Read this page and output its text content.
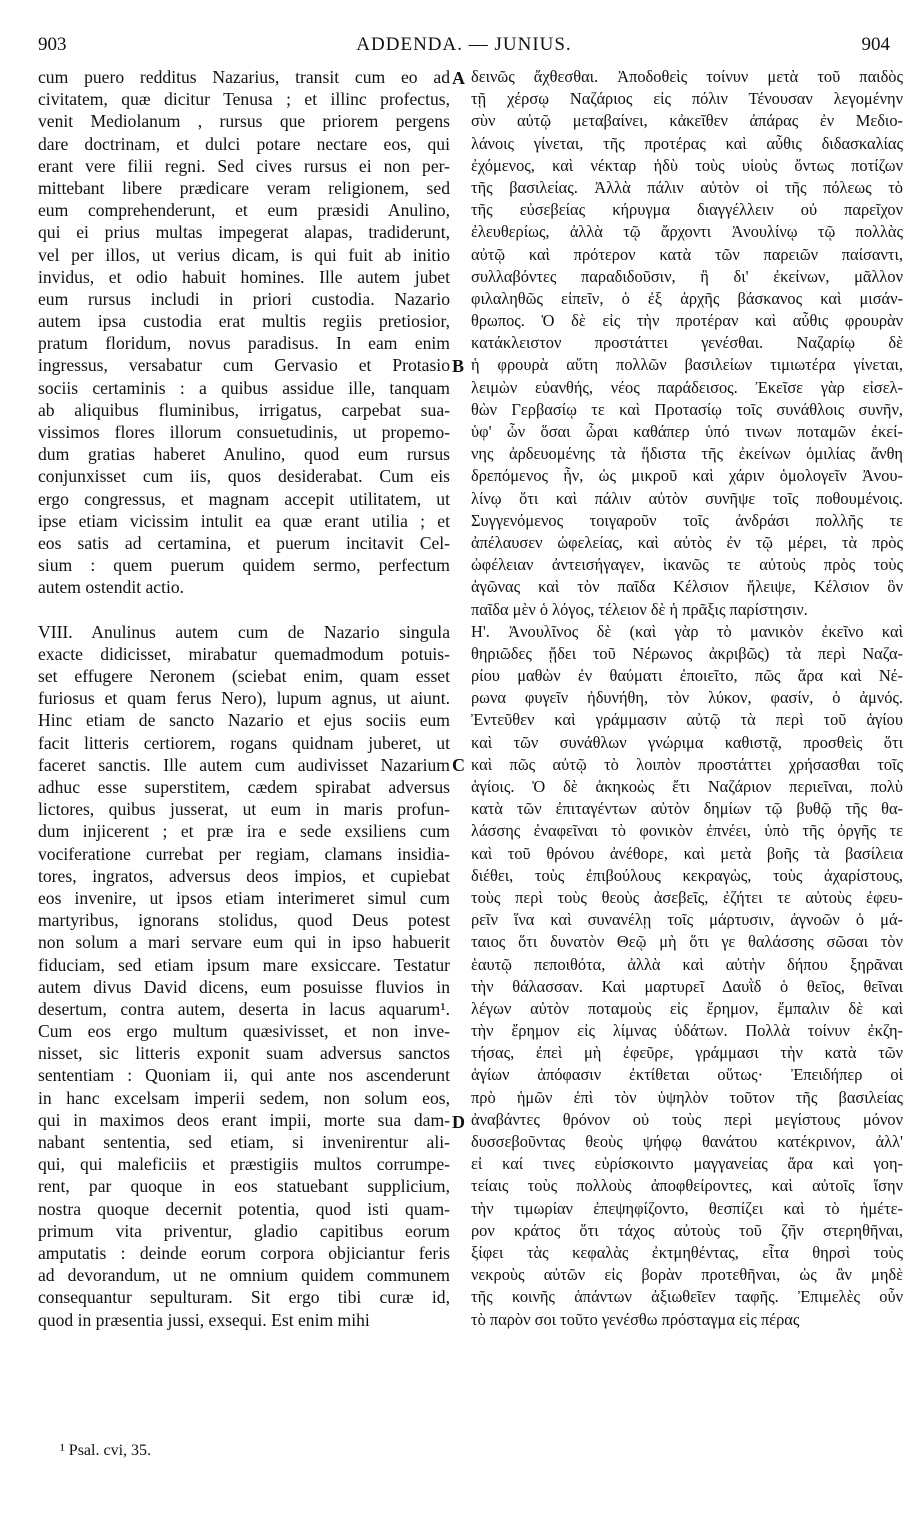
903	ADDENDA. — JUNIUS.	904
cum puero redditus Nazarius, transit cum eo ad
civitatem, quæ dicitur Tenusa ; et illinc profectus,
venit Mediolanum , rursus que priorem pergens
dare doctrinam, et dulci potare nectare eos, qui
erant vere filii regni. Sed cives rursus ei non per-
mittebant libere prædicare veram religionem, sed
eum comprehenderunt, et eum præsidi Anulino,
qui ei prius multas impegerat alapas, tradiderunt,
vel per illos, ut verius dicam, is qui fuit ab initio
invidus, et odio habuit homines. Ille autem jubet
eum rursus includi in priori custodia. Nazario
autem ipsa custodia erat multis regiis pretiosior,
pratum floridum, novus paradisus. In eam enim
ingressus, versabatur cum Gervasio et Protasio
sociis certaminis : a quibus assidue ille, tanquam
ab aliquibus fluminibus, irrigatus, carpebat sua-
vissimos flores illorum consuetudinis, ut propemo-
dum gratias haberet Anulino, quod eum rursus
conjunxisset cum iis, quos desiderabat. Cum eis
ergo congressus, et magnam accepit utilitatem, ut
ipse etiam vicissim intulit ea quæ erant utilia ; et
eos satis ad certamina, et puerum incitavit Cel-
sium : quem puerum quidem sermo, perfectum
autem ostendit actio.
VIII. Anulinus autem cum de Nazario singula
exacte didicisset, mirabatur quemadmodum potuis-
set effugere Neronem (sciebat enim, quam esset
furiosus et quam ferus Nero), lupum agnus, ut aiunt.
Hinc etiam de sancto Nazario et ejus sociis eum
facit litteris certiorem, rogans quidnam juberet, ut
faceret sanctis. Ille autem cum audivisset Nazarium
adhuc esse superstitem, cædem spirabat adversus
lictores, quibus jusserat, ut eum in maris profun-
dum injicerent ; et præ ira e sede exsiliens cum
vociferatione currebat per regiam, clamans insidia-
tores, ingratos, adversus deos impios, et cupiebat
eos invenire, ut ipsos etiam interimeret simul cum
martyribus, ignorans stolidus, quod Deus potest
non solum a mari servare eum qui in ipso habuerit
fiduciam, sed etiam ipsum mare exsiccare. Testatur
autem divus David dicens, eum posuisse fluvios in
desertum, contra autem, deserta in lacus aquarum¹.
Cum eos ergo multum quæsivisset, et non inve-
nisset, sic litteris exponit suam adversus sanctos
sententiam : Quoniam ii, qui ante nos ascenderunt
in hanc excelsam imperii sedem, non solum eos,
qui in maximos deos erant impii, morte sua dam-
nabant sententia, sed etiam, si invenirentur ali-
qui, qui maleficiis et præstigiis multos corrumpe-
rent, par quoque in eos statuebant supplicium,
nostra quoque decernit potentia, quod isti quam-
primum vita priventur, gladio capitibus eorum
amputatis : deinde eorum corpora objiciantur feris
ad devorandum, ut ne omnium quidem communem
consequantur sepulturam. Sit ergo tibi curæ id,
quod in præsentia jussi, exsequi. Est enim mihi
δεινῶς ἄχθεσθαι. Ἀποδοθεὶς τοίνυν μετὰ τοῦ παιδὸς
τῇ χέρσῳ Ναζάριος εἰς πόλιν Τένουσαν λεγομένην
σὺν αὐτῷ μεταβαίνει, κἀκεῖθεν ἀπάρας ἐν Μεδιο-
λάνοις γίνεται, τῆς προτέρας καὶ αὖθις διδασκαλίας
ἐχόμενος, καὶ νέκταρ ἡδὺ τοὺς υἱοὺς ὄντως ποτίζων
τῆς βασιλείας. Ἀλλὰ πάλιν αὐτὸν οἱ τῆς πόλεως τὸ
τῆς εὐσεβείας κήρυγμα διαγγέλλειν οὐ παρεῖχον
ἐλευθερίως, ἀλλὰ τῷ ἄρχοντι Ἀνουλίνῳ τῷ πολλὰς
αὐτῷ καὶ πρότερον κατὰ τῶν παρειῶν παίσαντι,
συλλαβόντες παραδιδοῦσιν, ἢ δι' ἐκείνων, μᾶλλον
φιλαληθῶς εἰπεῖν, ὁ ἐξ ἀρχῆς βάσκανος καὶ μισάν-
θρωπος. Ὁ δὲ εἰς τὴν προτέραν καὶ αὖθις φρουρὰν
κατάκλειστον προστάττει γενέσθαι. Ναζαρίῳ δὲ
ἡ φρουρὰ αὕτη πολλῶν βασιλείων τιμιωτέρα γίνεται,
λειμὼν εὐανθής, νέος παράδεισος. Ἐκεῖσε γὰρ εἰσελ-
θὼν Γερβασίῳ τε καὶ Προτασίῳ τοῖς συνάθλοις συνῆν,
ὑφ' ὧν ὅσαι ὧραι καθάπερ ὑπό τινων ποταμῶν ἐκεί-
νης ἀρδευομένης τὰ ἥδιστα τῆς ἐκείνων ὁμιλίας ἄνθη
δρεπόμενος ἦν, ὡς μικροῦ καὶ χάριν ὁμολογεῖν Ἀνου-
λίνῳ ὅτι καὶ πάλιν αὐτὸν συνῆψε τοῖς ποθουμένοις.
Συγγενόμενος τοιγαροῦν τοῖς ἀνδράσι πολλῆς τε
ἀπέλαυσεν ὠφελείας, καὶ αὐτὸς ἐν τῷ μέρει, τὰ πρὸς
ὠφέλειαν ἀντεισήγαγεν, ἱκανῶς τε αὐτοὺς πρὸς τοὺς
ἀγῶνας καὶ τὸν παῖδα Κέλσιον ἤλειψε, Κέλσιον ὃν
παῖδα μὲν ὁ λόγος, τέλειον δὲ ἡ πρᾶξις παρίστησιν.
Η'. Ἀνουλῖνος δὲ (καὶ γὰρ τὸ μανικὸν ἐκεῖνο καὶ
θηριῶδες ᾔδει τοῦ Νέρωνος ἀκριβῶς) τὰ περὶ Ναζα-
ρίου μαθὼν ἐν θαύματι ἐποιεῖτο, πῶς ἄρα καὶ Νέ-
ρωνα φυγεῖν ἠδυνήθη, τὸν λύκον, φασίν, ὁ ἀμνός.
Ἐντεῦθεν καὶ γράμμασιν αὐτῷ τὰ περὶ τοῦ ἁγίου
καὶ τῶν συνάθλων γνώριμα καθιστᾷ, προσθεὶς ὅτι
καὶ πῶς αὐτῷ τὸ λοιπὸν προστάττει χρήσασθαι τοῖς
ἁγίοις. Ὁ δὲ ἀκηκοὼς ἔτι Ναζάριον περιεῖναι, πολὺ
κατὰ τῶν ἐπιταγέντων αὐτὸν δημίων τῷ βυθῷ τῆς θα-
λάσσης ἐναφεῖναι τὸ φονικὸν ἐπνέει, ὑπὸ τῆς ὀργῆς τε
καὶ τοῦ θρόνου ἀνέθορε, καὶ μετὰ βοῆς τὰ βασίλεια
διέθει, τοὺς ἐπιβούλους κεκραγὼς, τοὺς ἀχαρίστους,
τοὺς περὶ τοὺς θεοὺς ἀσεβεῖς, ἐζήτει τε αὐτοὺς ἐφευ-
ρεῖν ἵνα καὶ συνανέλῃ τοῖς μάρτυσιν, ἀγνοῶν ὁ μά-
ταιος ὅτι δυνατὸν Θεῷ μὴ ὅτι γε θαλάσσης σῶσαι τὸν
ἑαυτῷ πεποιθότα, ἀλλὰ καὶ αὐτὴν δήπου ξηρᾶναι
τὴν θάλασσαν. Καὶ μαρτυρεῖ Δαυῒδ ὁ θεῖος, θεῖναι
λέγων αὐτὸν ποταμοὺς εἰς ἔρημον, ἔμπαλιν δὲ καὶ
τὴν ἔρημον εἰς λίμνας ὑδάτων. Πολλὰ τοίνυν ἐκζη-
τήσας, ἐπεὶ μὴ ἐφεῦρε, γράμμασι τὴν κατὰ τῶν
ἁγίων ἀπόφασιν ἐκτίθεται οὕτως· Ἐπειδήπερ οἱ
πρὸ ἡμῶν ἐπὶ τὸν ὑψηλὸν τοῦτον τῆς βασιλείας
ἀναβάντες θρόνον οὐ τοὺς περὶ μεγίστους μόνον
δυσσεβοῦντας θεοὺς ψήφῳ θανάτου κατέκρινον, ἀλλ'
εἰ καί τινες εὑρίσκοιντο μαγγανείας ἄρα καὶ γοη-
τείαις τοὺς πολλοὺς ἀποφθείροντες, καὶ αὐτοῖς ἴσην
τὴν τιμωρίαν ἐπεψηφίζοντο, θεσπίζει καὶ τὸ ἡμέτε-
ρον κράτος ὅτι τάχος αὐτοὺς τοῦ ζῆν στερηθῆναι,
ξίφει τὰς κεφαλὰς ἐκτμηθέντας, εἶτα θηρσὶ τοὺς
νεκροὺς αὐτῶν εἰς βορὰν προτεθῆναι, ὡς ἂν μηδὲ
τῆς κοινῆς ἁπάντων ἀξιωθεῖεν ταφῆς. Ἐπιμελὲς οὖν
τὸ παρὸν σοι τοῦτο γενέσθω πρόσταγμα εἰς πέρας
A
B
C
D
¹ Psal. cvi, 35.
